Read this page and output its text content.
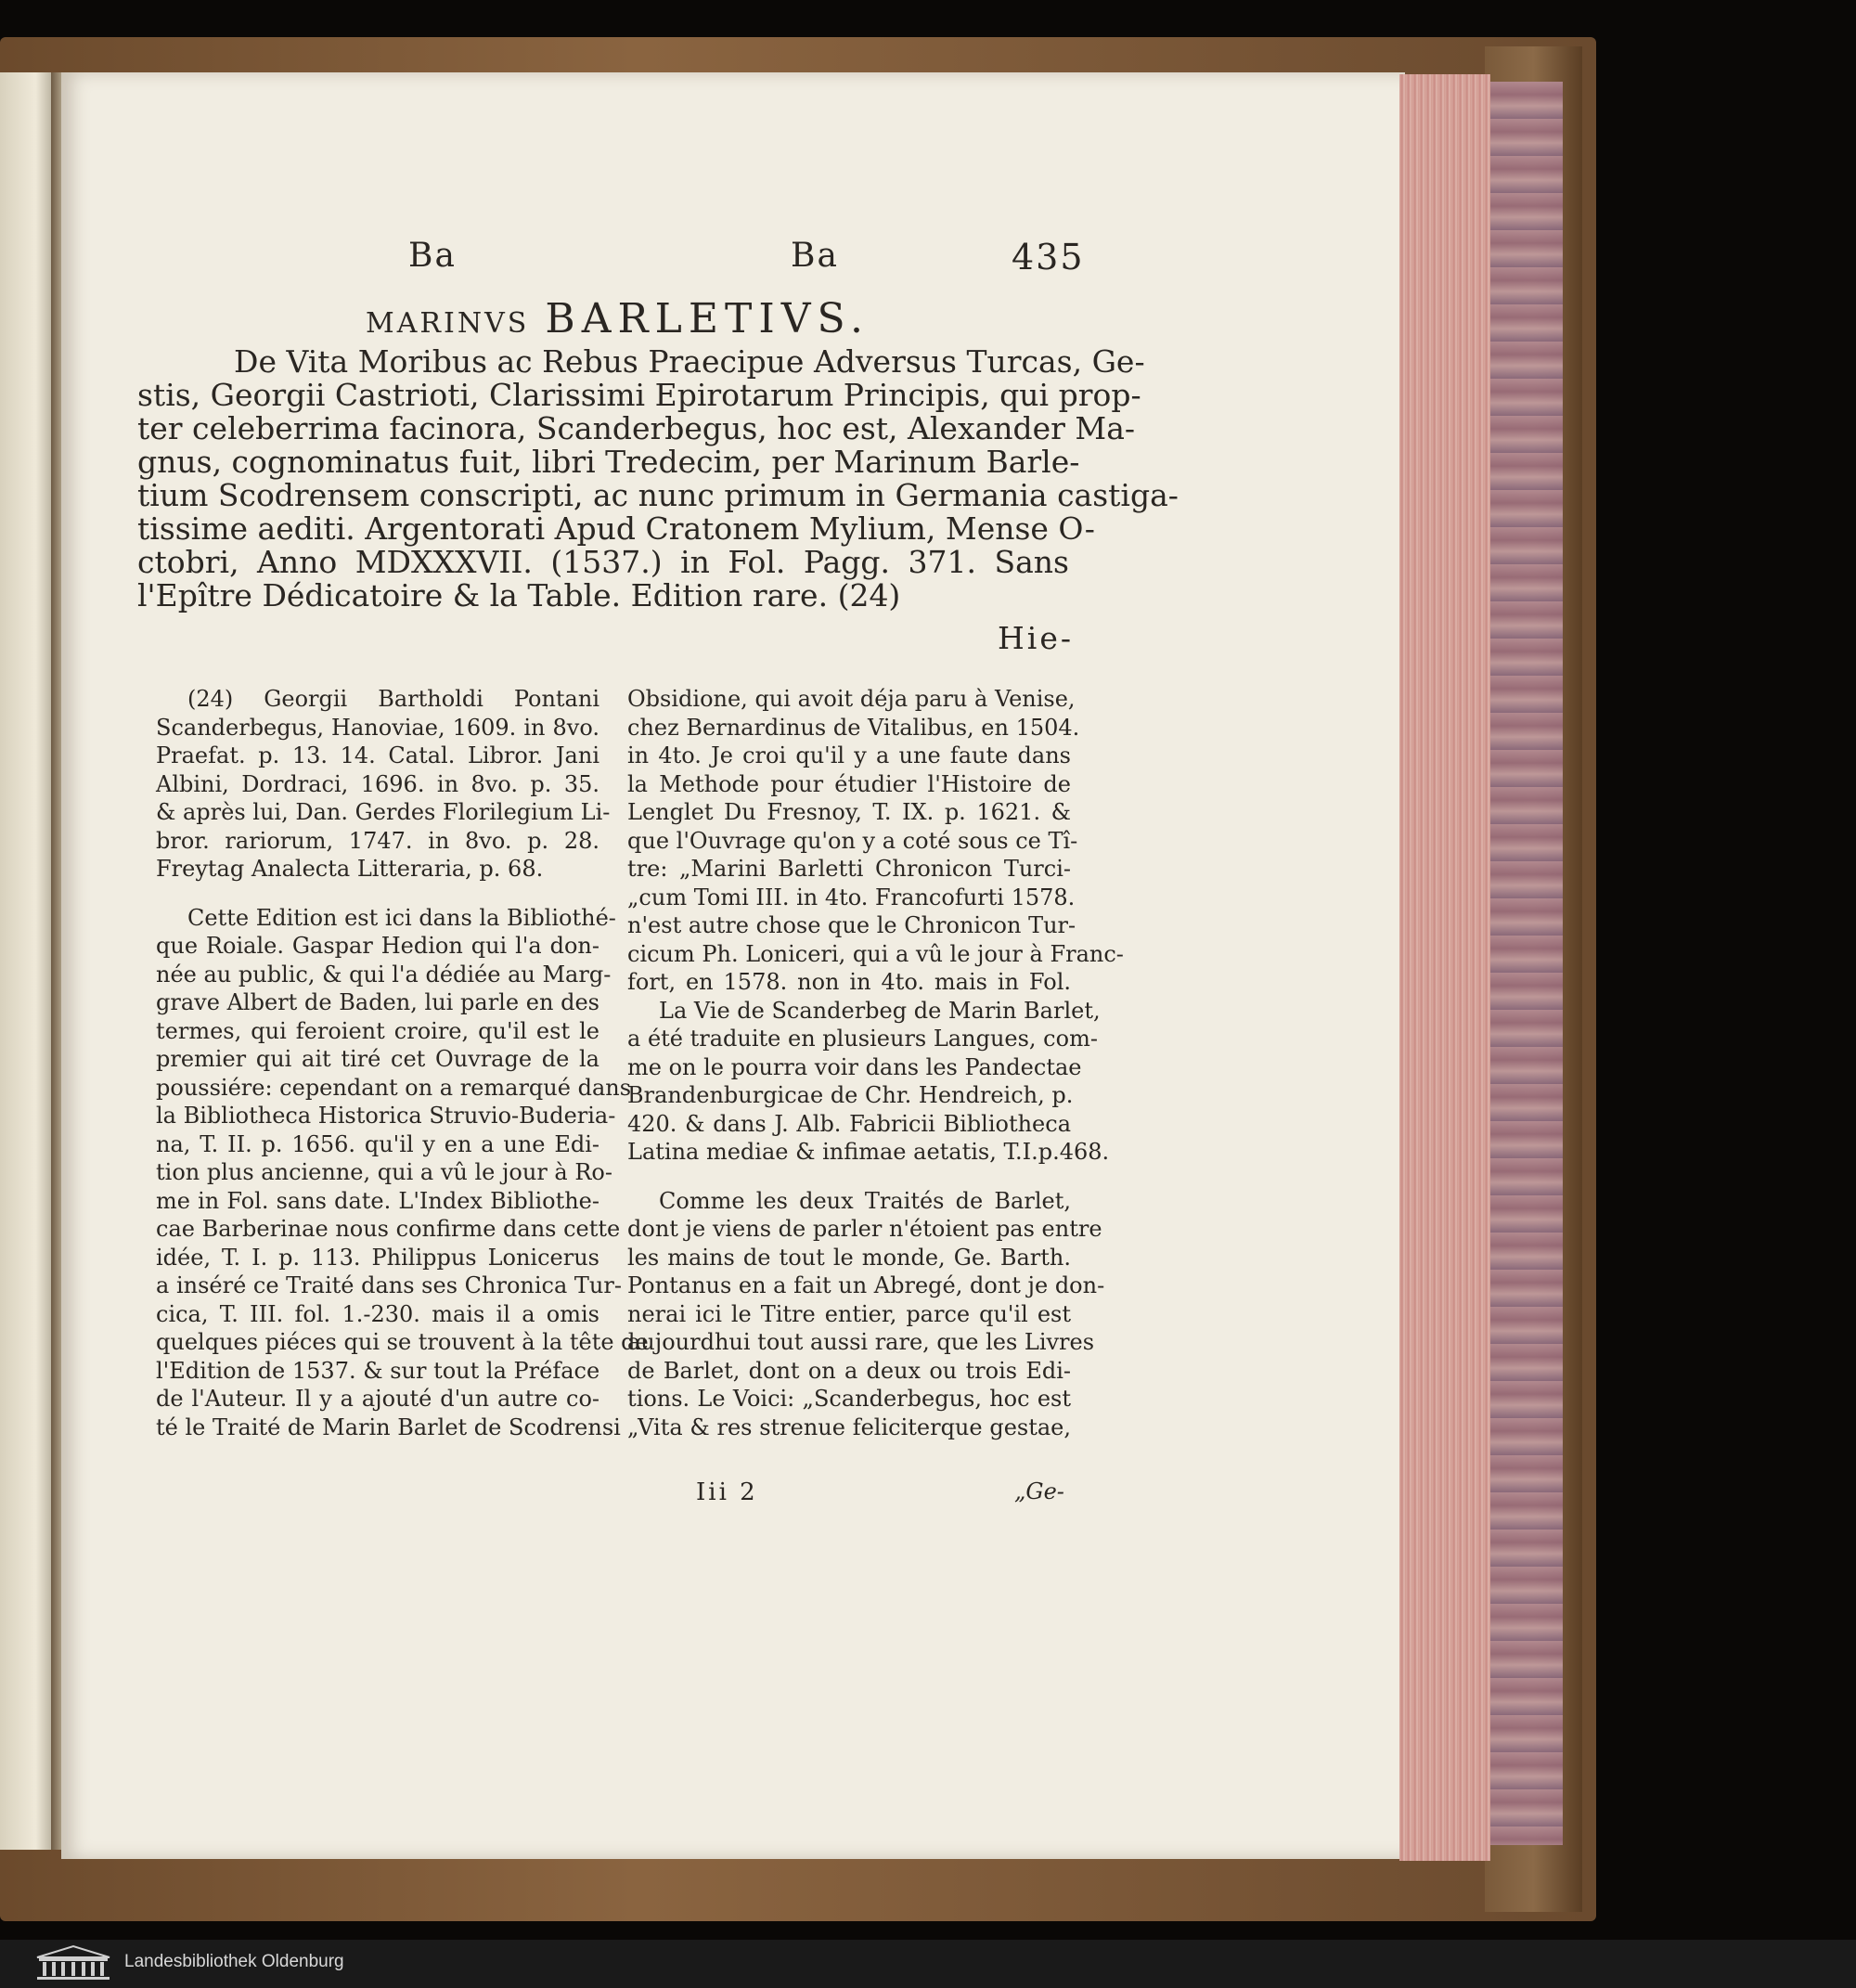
Ba	Ba	435
MARINVS BARLETIVS.
De Vita Moribus ac Rebus Praecipue Adversus Turcas, Ge-
stis, Georgii Castrioti, Clarissimi Epirotarum Principis, qui prop-
ter celeberrima facinora, Scanderbegus, hoc est, Alexander Ma-
gnus, cognominatus fuit, libri Tredecim, per Marinum Barle-
tium Scodrensem conscripti, ac nunc primum in Germania castiga-
tissime aediti. Argentorati Apud Cratonem Mylium, Mense O-
ctobri, Anno MDXXXVII. (1537.) in Fol. Pagg. 371. Sans
l'Epître Dédicatoire & la Table. Edition rare. (24)
Hie-
(24) Georgii Bartholdi Pontani
Scanderbegus, Hanoviae, 1609. in 8vo.
Praefat. p. 13. 14. Catal. Libror. Jani
Albini, Dordraci, 1696. in 8vo. p. 35.
& après lui, Dan. Gerdes Florilegium Li-
bror. rariorum, 1747. in 8vo. p. 28.
Freytag Analecta Litteraria, p. 68.
Cette Edition est ici dans la Bibliothé-
que Roiale. Gaspar Hedion qui l'a don-
née au public, & qui l'a dédiée au Marg-
grave Albert de Baden, lui parle en des
termes, qui feroient croire, qu'il est le
premier qui ait tiré cet Ouvrage de la
poussiére: cependant on a remarqué dans
la Bibliotheca Historica Struvio-Buderia-
na, T. II. p. 1656. qu'il y en a une Edi-
tion plus ancienne, qui a vû le jour à Ro-
me in Fol. sans date. L'Index Bibliothe-
cae Barberinae nous confirme dans cette
idée, T. I. p. 113. Philippus Lonicerus
a inséré ce Traité dans ses Chronica Tur-
cica, T. III. fol. 1.-230. mais il a omis
quelques piéces qui se trouvent à la tête de
l'Edition de 1537. & sur tout la Préface
de l'Auteur. Il y a ajouté d'un autre co-
té le Traité de Marin Barlet de Scodrensi
Obsidione, qui avoit déja paru à Venise,
chez Bernardinus de Vitalibus, en 1504.
in 4to. Je croi qu'il y a une faute dans
la Methode pour étudier l'Histoire de
Lenglet Du Fresnoy, T. IX. p. 1621. &
que l'Ouvrage qu'on y a coté sous ce Tî-
tre: „Marini Barletti Chronicon Turci-
„cum Tomi III. in 4to. Francofurti 1578.
n'est autre chose que le Chronicon Tur-
cicum Ph. Loniceri, qui a vû le jour à Franc-
fort, en 1578. non in 4to. mais in Fol.
La Vie de Scanderbeg de Marin Barlet,
a été traduite en plusieurs Langues, com-
me on le pourra voir dans les Pandectae
Brandenburgicae de Chr. Hendreich, p.
420. & dans J. Alb. Fabricii Bibliotheca
Latina mediae & infimae aetatis, T.I.p.468.
Comme les deux Traités de Barlet,
dont je viens de parler n'étoient pas entre
les mains de tout le monde, Ge. Barth.
Pontanus en a fait un Abregé, dont je don-
nerai ici le Titre entier, parce qu'il est
aujourdhui tout aussi rare, que les Livres
de Barlet, dont on a deux ou trois Edi-
tions. Le Voici: „Scanderbegus, hoc est
„Vita & res strenue feliciterque gestae,
Iii 2	„Ge-
Landesbibliothek Oldenburg
